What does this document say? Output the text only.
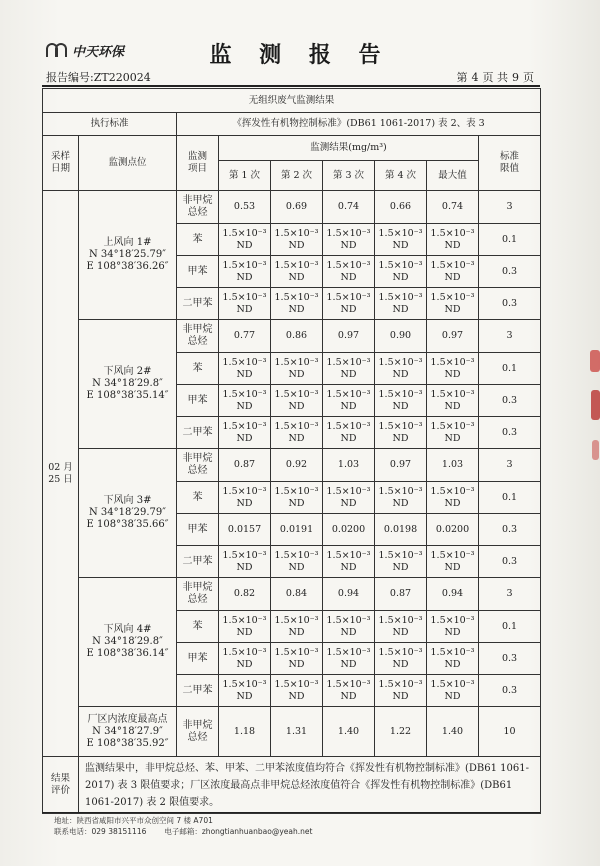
中天环保	监 测 报 告
报告编号:ZT220024	第 4 页 共 9 页
无组织废气监测结果								
执行标准		《挥发性有机物控制标准》(DB61 1061-2017) 表 2、表 3						
采样
日期	监测点位	监测
项目	监测结果(mg/m³)					标准
限值
			第 1 次	第 2 次	第 3 次	第 4 次	最大值	
02 月
25 日	上风向 1#
N 34°18′25.79″
E 108°38′36.26″	非甲烷
总烃	0.53	0.69	0.74	0.66	0.74	3
		苯	1.5×10⁻³
ND	1.5×10⁻³
ND	1.5×10⁻³
ND	1.5×10⁻³
ND	1.5×10⁻³
ND	0.1
		甲苯	1.5×10⁻³
ND	1.5×10⁻³
ND	1.5×10⁻³
ND	1.5×10⁻³
ND	1.5×10⁻³
ND	0.3
		二甲苯	1.5×10⁻³
ND	1.5×10⁻³
ND	1.5×10⁻³
ND	1.5×10⁻³
ND	1.5×10⁻³
ND	0.3
	下风向 2#
N 34°18′29.8″
E 108°38′35.14″	非甲烷
总烃	0.77	0.86	0.97	0.90	0.97	3
		苯	1.5×10⁻³
ND	1.5×10⁻³
ND	1.5×10⁻³
ND	1.5×10⁻³
ND	1.5×10⁻³
ND	0.1
		甲苯	1.5×10⁻³
ND	1.5×10⁻³
ND	1.5×10⁻³
ND	1.5×10⁻³
ND	1.5×10⁻³
ND	0.3
		二甲苯	1.5×10⁻³
ND	1.5×10⁻³
ND	1.5×10⁻³
ND	1.5×10⁻³
ND	1.5×10⁻³
ND	0.3
	下风向 3#
N 34°18′29.79″
E 108°38′35.66″	非甲烷
总烃	0.87	0.92	1.03	0.97	1.03	3
		苯	1.5×10⁻³
ND	1.5×10⁻³
ND	1.5×10⁻³
ND	1.5×10⁻³
ND	1.5×10⁻³
ND	0.1
		甲苯	0.0157	0.0191	0.0200	0.0198	0.0200	0.3
		二甲苯	1.5×10⁻³
ND	1.5×10⁻³
ND	1.5×10⁻³
ND	1.5×10⁻³
ND	1.5×10⁻³
ND	0.3
	下风向 4#
N 34°18′29.8″
E 108°38′36.14″	非甲烷
总烃	0.82	0.84	0.94	0.87	0.94	3
		苯	1.5×10⁻³
ND	1.5×10⁻³
ND	1.5×10⁻³
ND	1.5×10⁻³
ND	1.5×10⁻³
ND	0.1
		甲苯	1.5×10⁻³
ND	1.5×10⁻³
ND	1.5×10⁻³
ND	1.5×10⁻³
ND	1.5×10⁻³
ND	0.3
		二甲苯	1.5×10⁻³
ND	1.5×10⁻³
ND	1.5×10⁻³
ND	1.5×10⁻³
ND	1.5×10⁻³
ND	0.3
	厂区内浓度最高点
N 34°18′27.9″
E 108°38′35.92″	非甲烷
总烃	1.18	1.31	1.40	1.22	1.40	10
结果
评价	监测结果中，非甲烷总烃、苯、甲苯、二甲苯浓度值均符合《挥发性有机物控制标准》(DB61 1061-2017) 表 3 限值要求；厂区浓度最高点非甲烷总烃浓度值符合《挥发性有机物控制标准》(DB61 1061-2017) 表 2 限值要求。							
地址：陕西省咸阳市兴平市众创空间 7 楼 A701
联系电话：029 38151116 电子邮箱：zhongtianhuanbao@yeah.net
